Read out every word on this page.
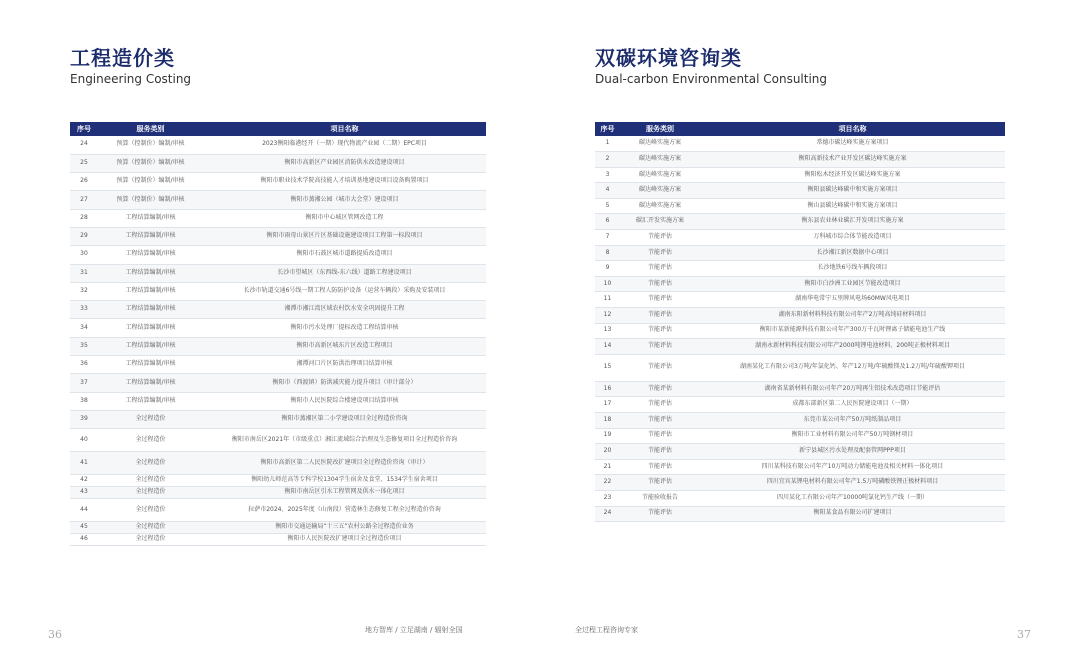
工程造价类
Engineering Costing
序号	服务类别	项目名称
24	预算（控制价）编制/审核	2023衡阳临港经开（一期）现代物流产业园（二期）EPC项目
25	预算（控制价）编制/审核	衡阳市高新区产业园区消防供水改造建设项目
26	预算（控制价）编制/审核	衡阳市职业技术学院高技能人才培训基地建设项目设备购置项目
27	预算（控制价）编制/审核	衡阳市蒸湘公园（城市大会堂）建设项目
28	工程结算编制/审核	衡阳市中心城区管网改造工程
29	工程结算编制/审核	衡阳市雨母山景区片区基础设施建设项目工程第一标段项目
30	工程结算编制/审核	衡阳市石鼓区城市道路提质改造项目
31	工程结算编制/审核	长沙市望城区（东西线-东六线）道路工程建设项目
32	工程结算编制/审核	长沙市轨道交通6号线一期工程人防防护设备（运营车辆段）采购及安装项目
33	工程结算编制/审核	湘潭市湘江湾区域农村饮水安全巩固提升工程
34	工程结算编制/审核	衡阳市污水处理厂提标改造工程结算审核
35	工程结算编制/审核	衡阳市高新区城东片区改造工程项目
36	工程结算编制/审核	湘潭河口片区防洪治理项目结算审核
37	工程结算编制/审核	衡阳市（西渡镇）防洪减灾能力提升项目（审计部分）
38	工程结算编制/审核	衡阳市人民医院综合楼建设项目结算审核
39	全过程造价	衡阳市蒸湘区第二小学建设项目全过程造价咨询
40	全过程造价	衡阳市南岳区2021年（市级重点）湘江流域综合治理及生态修复项目全过程造价咨询
41	全过程造价	衡阳市高新区第二人民医院改扩建项目全过程造价咨询（审计）
42	全过程造价	衡阳幼儿师范高等专科学校1304学生宿舍及食堂、1534学生宿舍项目
43	全过程造价	衡阳市南岳区引水工程管网及供水一体化项目
44	全过程造价	拉萨市2024、2025年度（山南段）营造林生态修复工程全过程造价咨询
45	全过程造价	衡阳市交通运输局“十三五”农村公路全过程造价业务
46	全过程造价	衡阳市人民医院改扩建项目全过程造价项目
36	地方智库 / 立足湖南 / 辐射全国
双碳环境咨询类
Dual-carbon Environmental Consulting
序号	服务类别	项目名称
1	碳达峰实施方案	常德市碳达峰实施方案项目
2	碳达峰实施方案	衡阳高新技术产业开发区碳达峰实施方案
3	碳达峰实施方案	衡阳松木经济开发区碳达峰实施方案
4	碳达峰实施方案	衡阳县碳达峰碳中和实施方案项目
5	碳达峰实施方案	衡山县碳达峰碳中和实施方案项目
6	碳汇开发实施方案	衡东县农业林业碳汇开发项目实施方案
7	节能评估	万科城市综合体节能改造项目
8	节能评估	长沙湘江新区数据中心项目
9	节能评估	长沙地铁6号线车辆段项目
10	节能评估	衡阳市白沙洲工业园区节能改造项目
11	节能评估	湖南华电常宁五里牌风电场60MW风电项目
12	节能评估	湖南东阳新材料科技有限公司年产2万吨高纯硅材料项目
13	节能评估	衡阳市某新能源科技有限公司年产300万千瓦时锂离子储能电池生产线
14	节能评估	湖南永新材料科技有限公司年产2000吨锂电池材料、200吨正极材料项目
15	节能评估	湖南某化工有限公司3万吨/年氯化钙、年产12万吨/年硫酸镁及1.2万吨/年硫酸钾项目
16	节能评估	湖南省某新材料有限公司年产20万吨再生铝技术改造项目节能评估
17	节能评估	成都东部新区第二人民医院建设项目（一期）
18	节能评估	东莞市某公司年产50万吨纸制品项目
19	节能评估	衡阳市工业材料有限公司年产50万吨钢材项目
20	节能评估	新宁县城区污水处理及配套管网PPP项目
21	节能评估	四川某科技有限公司年产10万吨动力储能电池及相关材料一体化项目
22	节能评估	四川宜宾某锂电材料有限公司年产1.5万吨磷酸铁锂正极材料项目
23	节能验收报告	四川某化工有限公司年产10000吨氯化钙生产线（一期）
24	节能评估	衡阳某食品有限公司扩建项目
全过程工程咨询专家	37
